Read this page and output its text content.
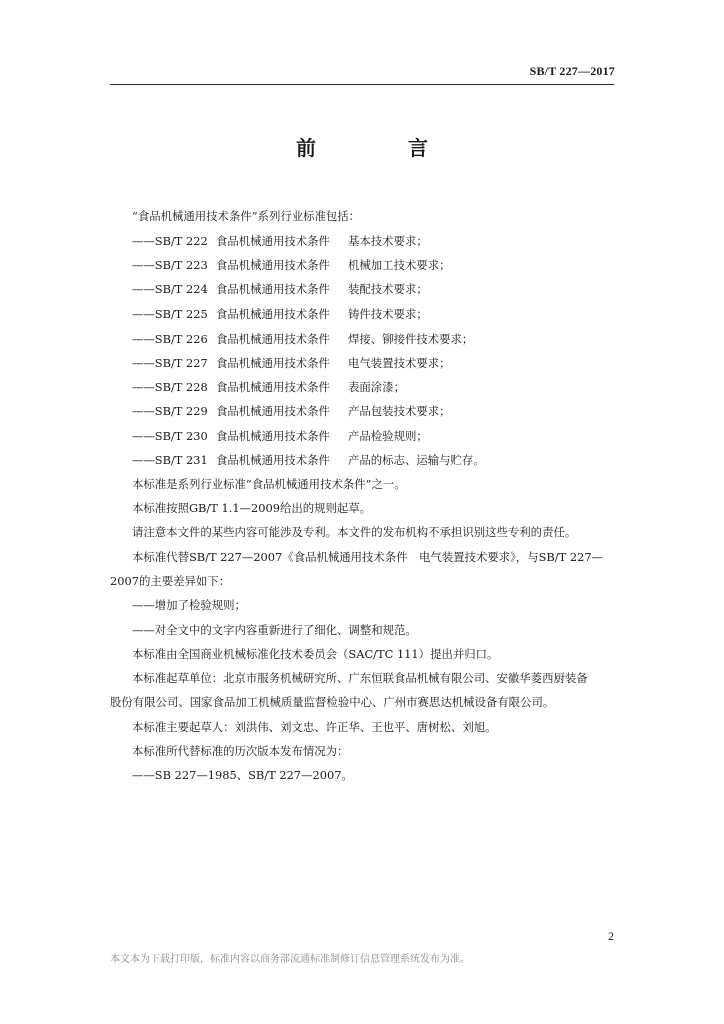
SB/T 227—2017
前　言
“食品机械通用技术条件”系列行业标准包括：
——SB/T 222 食品机械通用技术条件 基本技术要求；
——SB/T 223 食品机械通用技术条件 机械加工技术要求；
——SB/T 224 食品机械通用技术条件 装配技术要求；
——SB/T 225 食品机械通用技术条件 铸件技术要求；
——SB/T 226 食品机械通用技术条件 焊接、铆接件技术要求；
——SB/T 227 食品机械通用技术条件 电气装置技术要求；
——SB/T 228 食品机械通用技术条件 表面涂漆；
——SB/T 229 食品机械通用技术条件 产品包装技术要求；
——SB/T 230 食品机械通用技术条件 产品检验规则；
——SB/T 231 食品机械通用技术条件 产品的标志、运输与贮存。
本标准是系列行业标准“食品机械通用技术条件”之一。
本标准按照GB/T 1.1—2009给出的规则起草。
请注意本文件的某些内容可能涉及专利。本文件的发布机构不承担识别这些专利的责任。
本标准代替SB/T 227—2007《食品机械通用技术条件　电气装置技术要求》，与SB/T 227—
2007的主要差异如下：
——增加了检验规则；
——对全文中的文字内容重新进行了细化、调整和规范。
本标准由全国商业机械标准化技术委员会（SAC/TC 111）提出并归口。
本标准起草单位：北京市服务机械研究所、广东恒联食品机械有限公司、安徽华菱西厨装备
股份有限公司、国家食品加工机械质量监督检验中心、广州市赛思达机械设备有限公司。
本标准主要起草人：刘洪伟、刘文忠、许正华、王也平、唐树松、刘旭。
本标准所代替标准的历次版本发布情况为：
——SB 227—1985、SB/T 227—2007。
2
本文本为下载打印版，标准内容以商务部流通标准制修订信息管理系统发布为准。
